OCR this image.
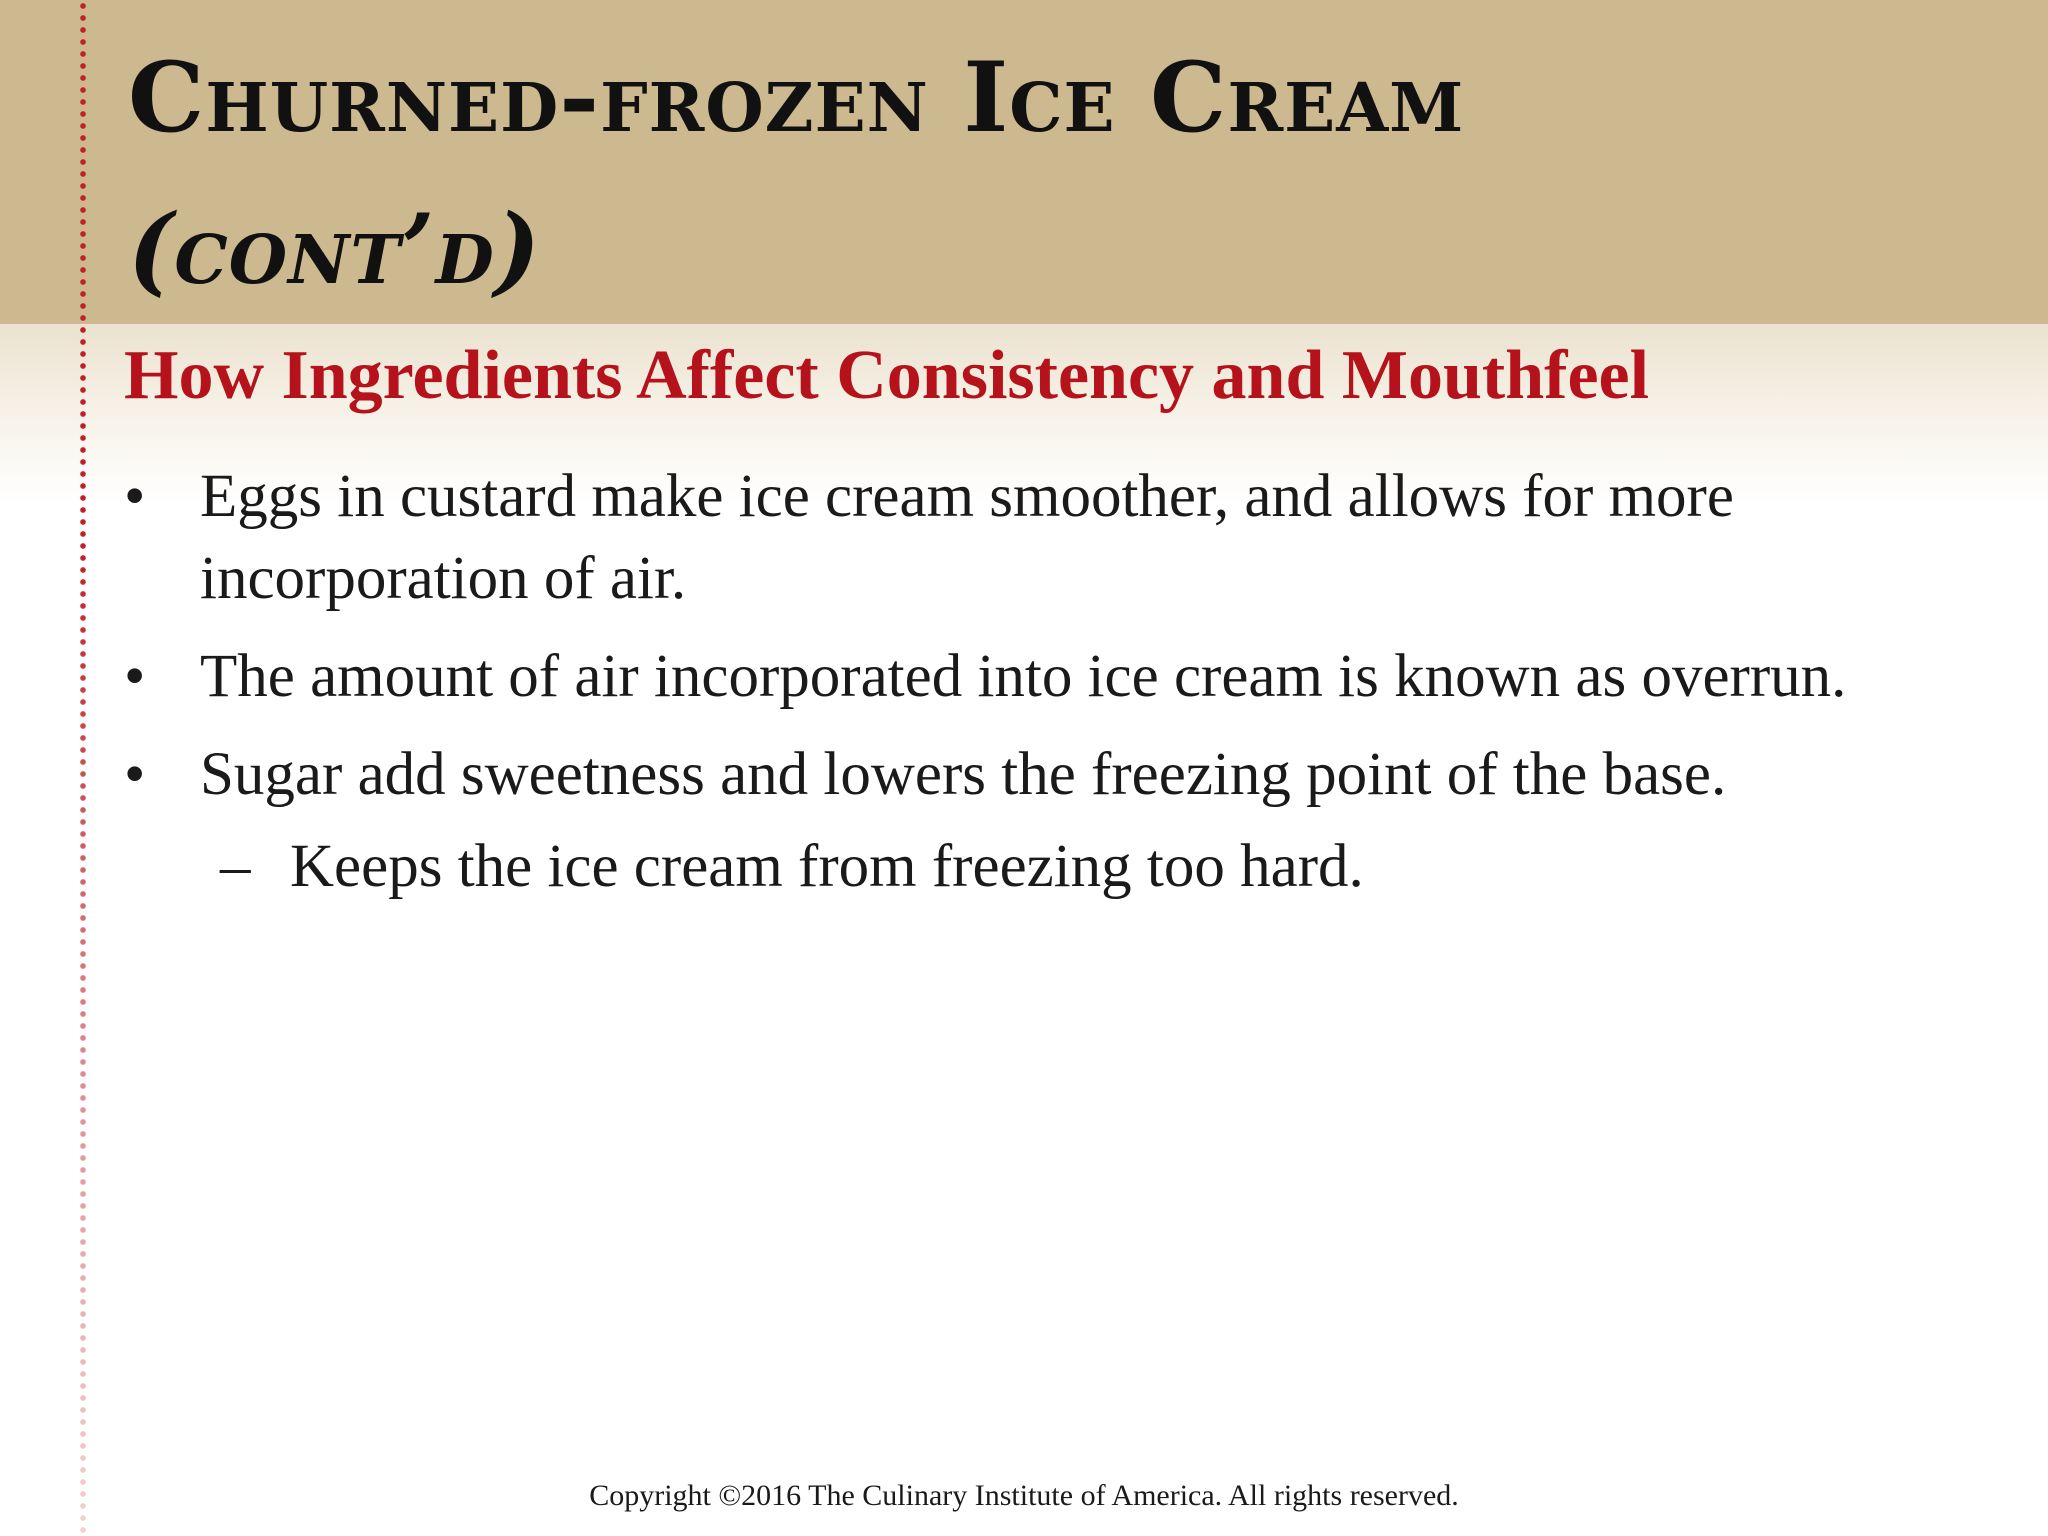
Churned-frozen Ice Cream
(cont’d)
How Ingredients Affect Consistency and Mouthfeel
• Eggs in custard make ice cream smoother, and allows for more incorporation of air.
• The amount of air incorporated into ice cream is known as overrun.
• Sugar add sweetness and lowers the freezing point of the base.
– Keeps the ice cream from freezing too hard.
Copyright ©2016 The Culinary Institute of America. All rights reserved.
